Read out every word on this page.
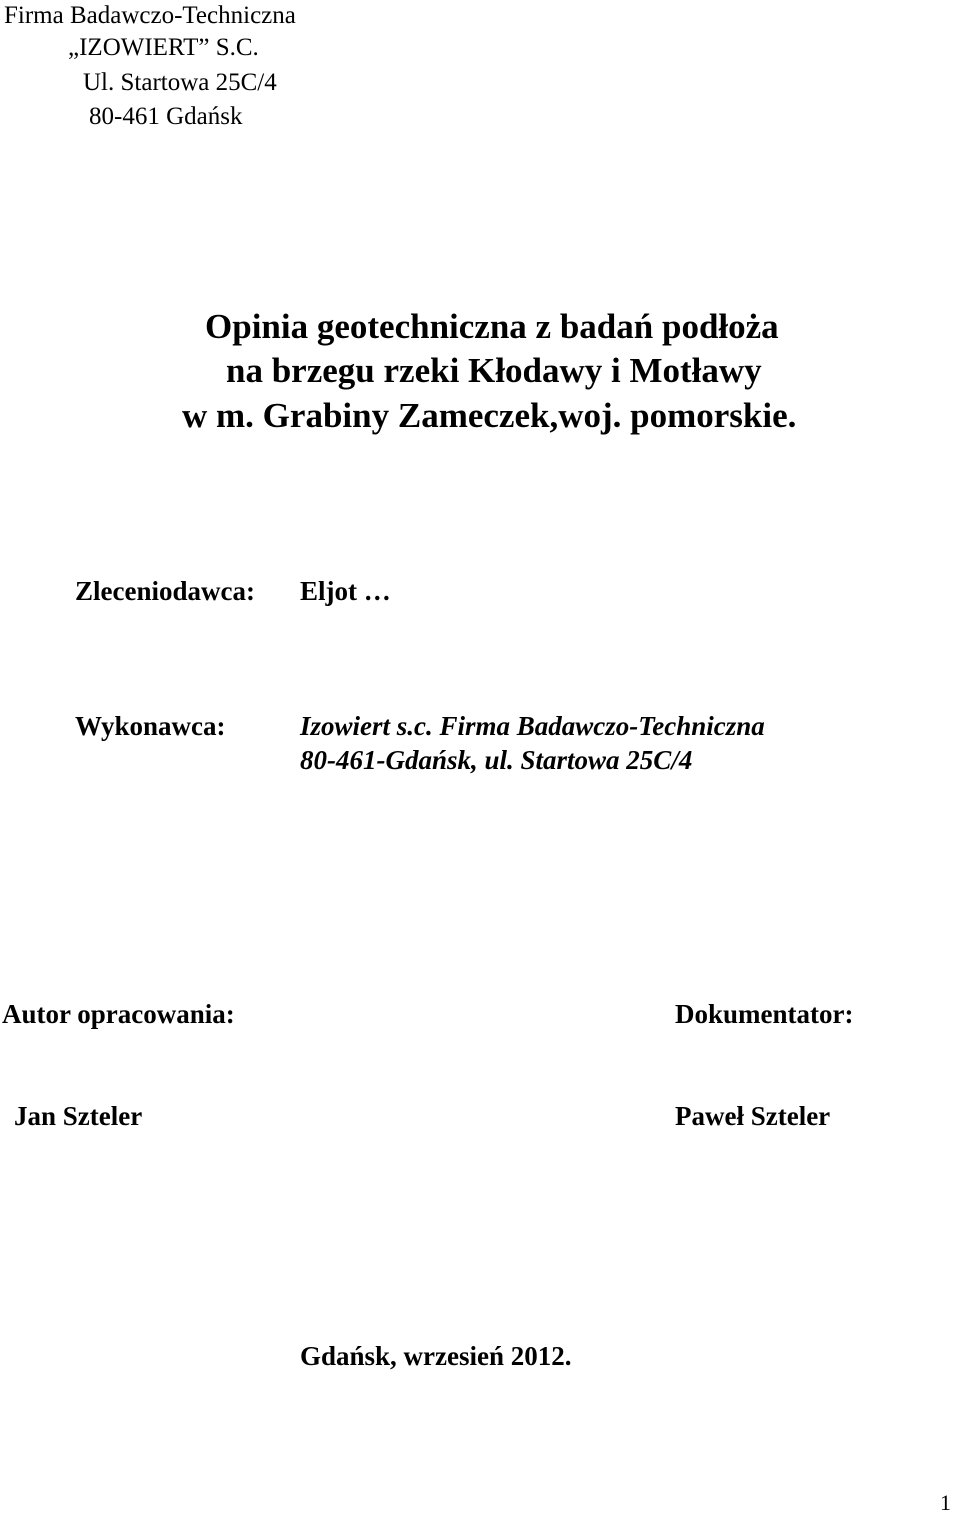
Firma Badawczo-Techniczna
„IZOWIERT” S.C.
Ul. Startowa 25C/4
80-461 Gdańsk
Opinia geotechniczna z badań podłoża
na brzegu rzeki Kłodawy i Motławy
w m. Grabiny Zameczek,woj. pomorskie.
Zleceniodawca: Eljot …
Wykonawca:	Izowiert s.c. Firma Badawczo-Techniczna
80-461-Gdańsk, ul. Startowa 25C/4
Autor opracowania:	Dokumentator:
Jan Szteler	Paweł Szteler
Gdańsk, wrzesień 2012.
1
